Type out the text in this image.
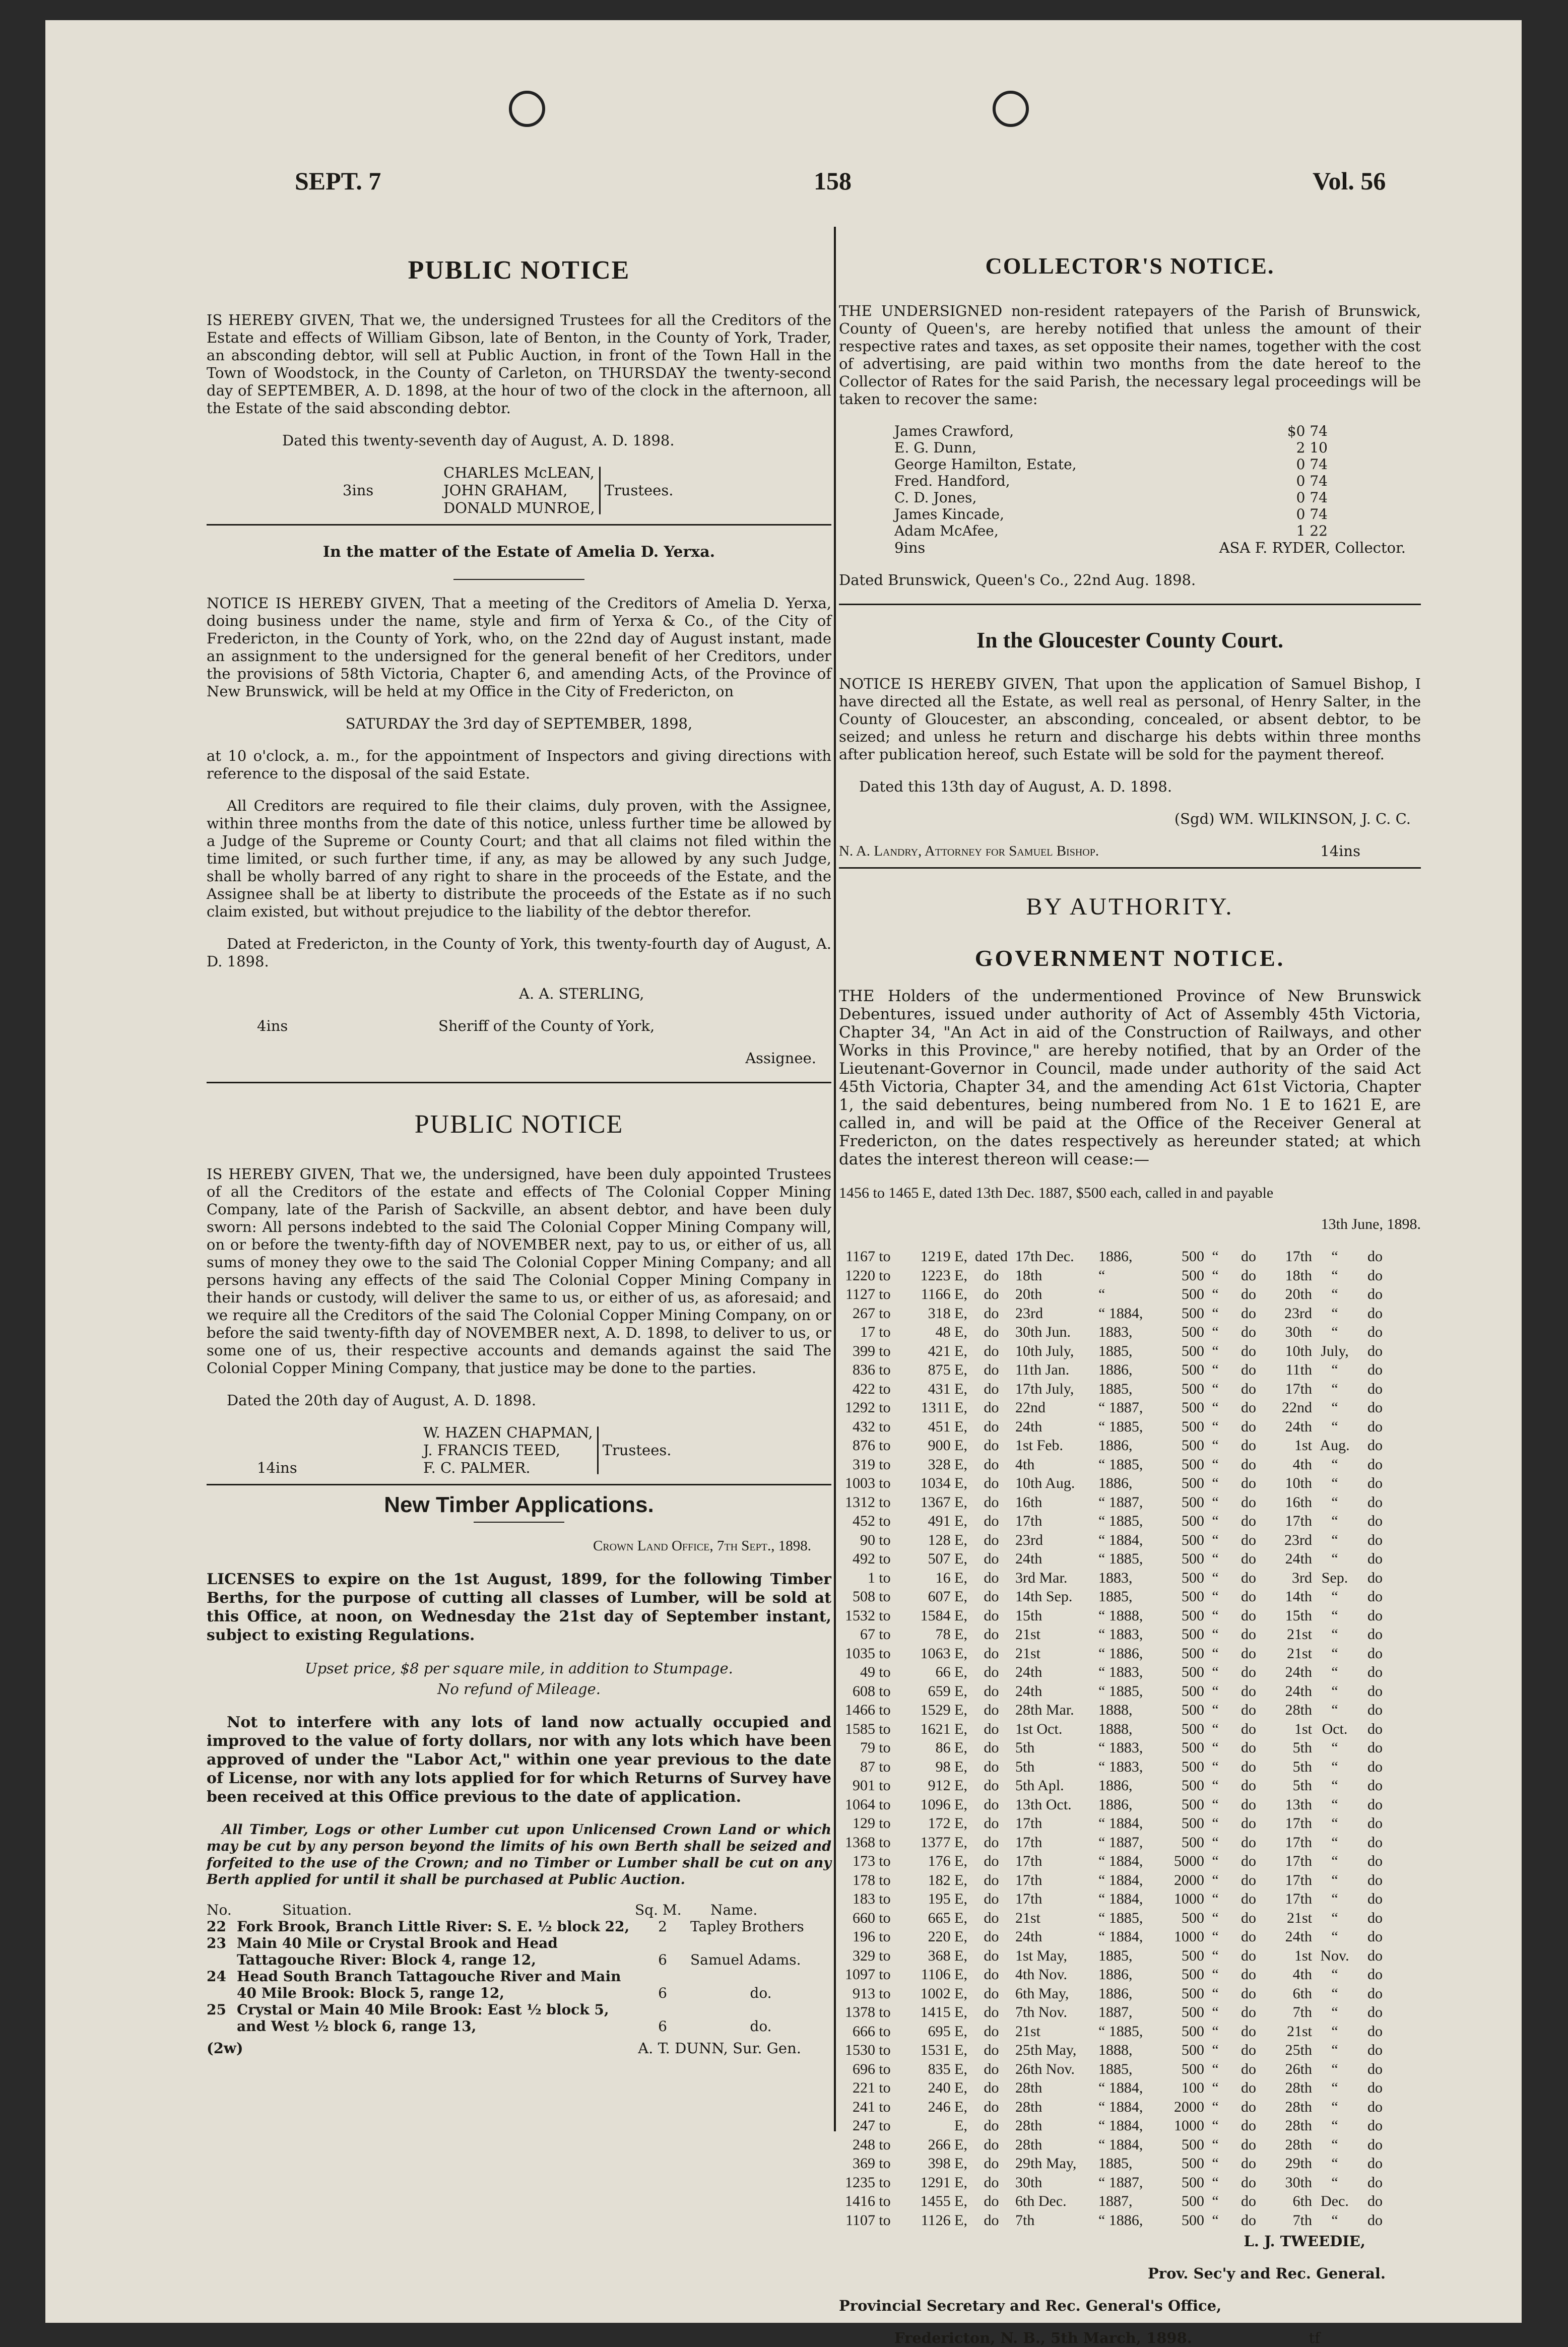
SEPT. 7	158	Vol. 56

PUBLIC NOTICE

IS HEREBY GIVEN, That we, the undersigned Trustees for all the Creditors of the Estate and effects of William Gibson, late of Benton, in the County of York, Trader, an absconding debtor, will sell at Public Auction, in front of the Town Hall in the Town of Woodstock, in the County of Carleton, on THURSDAY the twenty-second day of SEPTEMBER, A. D. 1898, at the hour of two of the clock in the afternoon, all the Estate of the said absconding debtor.

Dated this twenty-seventh day of August, A. D. 1898.

3ins
CHARLES McLEAN,
JOHN GRAHAM,
DONALD MUNROE,
Trustees.

In the matter of the Estate of Amelia D. Yerxa.

NOTICE IS HEREBY GIVEN, That a meeting of the Creditors of Amelia D. Yerxa, doing business under the name, style and firm of Yerxa & Co., of the City of Fredericton, in the County of York, who, on the 22nd day of August instant, made an assignment to the undersigned for the general benefit of her Creditors, under the provisions of 58th Victoria, Chapter 6, and amending Acts, of the Province of New Brunswick, will be held at my Office in the City of Fredericton, on

SATURDAY the 3rd day of SEPTEMBER, 1898,

at 10 o'clock, a. m., for the appointment of Inspectors and giving directions with reference to the disposal of the said Estate.

All Creditors are required to file their claims, duly proven, with the Assignee, within three months from the date of this notice, unless further time be allowed by a Judge of the Supreme or County Court; and that all claims not filed within the time limited, or such further time, if any, as may be allowed by any such Judge, shall be wholly barred of any right to share in the proceeds of the Estate, and the Assignee shall be at liberty to distribute the proceeds of the Estate as if no such claim existed, but without prejudice to the liability of the debtor therefor.

Dated at Fredericton, in the County of York, this twenty-fourth day of August, A. D. 1898.

A. A. STERLING,

4ins	Sheriff of the County of York,

Assignee.

PUBLIC NOTICE

IS HEREBY GIVEN, That we, the undersigned, have been duly appointed Trustees of all the Creditors of the estate and effects of The Colonial Copper Mining Company, late of the Parish of Sackville, an absent debtor, and have been duly sworn: All persons indebted to the said The Colonial Copper Mining Company will, on or before the twenty-fifth day of NOVEMBER next, pay to us, or either of us, all sums of money they owe to the said The Colonial Copper Mining Company; and all persons having any effects of the said The Colonial Copper Mining Company in their hands or custody, will deliver the same to us, or either of us, as aforesaid; and we require all the Creditors of the said The Colonial Copper Mining Company, on or before the said twenty-fifth day of NOVEMBER next, A. D. 1898, to deliver to us, or some one of us, their respective accounts and demands against the said The Colonial Copper Mining Company, that justice may be done to the parties.

Dated the 20th day of August, A. D. 1898.

14ins
W. HAZEN CHAPMAN,
J. FRANCIS TEED,
F. C. PALMER.
Trustees.

New Timber Applications.

Crown Land Office, 7th Sept., 1898.

LICENSES to expire on the 1st August, 1899, for the following Timber Berths, for the purpose of cutting all classes of Lumber, will be sold at this Office, at noon, on Wednesday the 21st day of September instant, subject to existing Regulations.

Upset price, $8 per square mile, in addition to Stumpage.

No refund of Mileage.

Not to interfere with any lots of land now actually occupied and improved to the value of forty dollars, nor with any lots which have been approved of under the "Labor Act," within one year previous to the date of License, nor with any lots applied for for which Returns of Survey have been received at this Office previous to the date of application.

All Timber, Logs or other Lumber cut upon Unlicensed Crown Land or which may be cut by any person beyond the limits of his own Berth shall be seized and forfeited to the use of the Crown; and no Timber or Lumber shall be cut on any Berth applied for until it shall be purchased at Public Auction.

No.	Situation.	Sq. M.	Name.
22	Fork Brook, Branch Little River: S. E. ½ block 22,	2	Tapley Brothers
23	Main 40 Mile or Crystal Brook and Head Tattagouche River: Block 4, range 12,	6	Samuel Adams.
24	Head South Branch Tattagouche River and Main 40 Mile Brook: Block 5, range 12,	6	do.
25	Crystal or Main 40 Mile Brook: East ½ block 5, and West ½ block 6, range 13,	6	do.
(2w)	A. T. DUNN, Sur. Gen.

COLLECTOR'S NOTICE.

THE UNDERSIGNED non-resident ratepayers of the Parish of Brunswick, County of Queen's, are hereby notified that unless the amount of their respective rates and taxes, as set opposite their names, together with the cost of advertising, are paid within two months from the date hereof to the Collector of Rates for the said Parish, the necessary legal proceedings will be taken to recover the same:

James Crawford,	$0 74
E. G. Dunn,	2 10
George Hamilton, Estate,	0 74
Fred. Handford,	0 74
C. D. Jones,	0 74
James Kincade,	0 74
Adam McAfee,	1 22
9ins	ASA F. RYDER, Collector.

Dated Brunswick, Queen's Co., 22nd Aug. 1898.

In the Gloucester County Court.

NOTICE IS HEREBY GIVEN, That upon the application of Samuel Bishop, I have directed all the Estate, as well real as personal, of Henry Salter, in the County of Gloucester, an absconding, concealed, or absent debtor, to be seized; and unless he return and discharge his debts within three months after publication hereof, such Estate will be sold for the payment thereof.

Dated this 13th day of August, A. D. 1898.

(Sgd) WM. WILKINSON, J. C. C.

N. A. Landry, Attorney for Samuel Bishop.	14ins

BY AUTHORITY.

GOVERNMENT NOTICE.

THE Holders of the undermentioned Province of New Brunswick Debentures, issued under authority of Act of Assembly 45th Victoria, Chapter 34, "An Act in aid of the Construction of Railways, and other Works in this Province," are hereby notified, that by an Order of the Lieutenant-Governor in Council, made under authority of the said Act 45th Victoria, Chapter 34, and the amending Act 61st Victoria, Chapter 1, the said debentures, being numbered from No. 1 E to 1621 E, are called in, and will be paid at the Office of the Receiver General at Fredericton, on the dates respectively as hereunder stated; at which dates the interest thereon will cease:—

1456 to 1465 E, dated 13th Dec. 1887, $500 each, called in and payable

13th June, 1898.

1167	to	1219 E,	dated	17th Dec.	1886,	500	“	do	17th	“	do
1220	to	1223 E,	do	18th	“	500	“	do	18th	“	do
1127	to	1166 E,	do	20th	“	500	“	do	20th	“	do
267	to	318 E,	do	23rd	“ 1884,	500	“	do	23rd	“	do
17	to	48 E,	do	30th Jun.	1883,	500	“	do	30th	“	do
399	to	421 E,	do	10th July,	1885,	500	“	do	10th	July,	do
836	to	875 E,	do	11th Jan.	1886,	500	“	do	11th	“	do
422	to	431 E,	do	17th July,	1885,	500	“	do	17th	“	do
1292	to	1311 E,	do	22nd	“ 1887,	500	“	do	22nd	“	do
432	to	451 E,	do	24th	“ 1885,	500	“	do	24th	“	do
876	to	900 E,	do	1st Feb.	1886,	500	“	do	1st	Aug.	do
319	to	328 E,	do	4th	“ 1885,	500	“	do	4th	“	do
1003	to	1034 E,	do	10th Aug.	1886,	500	“	do	10th	“	do
1312	to	1367 E,	do	16th	“ 1887,	500	“	do	16th	“	do
452	to	491 E,	do	17th	“ 1885,	500	“	do	17th	“	do
90	to	128 E,	do	23rd	“ 1884,	500	“	do	23rd	“	do
492	to	507 E,	do	24th	“ 1885,	500	“	do	24th	“	do
1	to	16 E,	do	3rd Mar.	1883,	500	“	do	3rd	Sep.	do
508	to	607 E,	do	14th Sep.	1885,	500	“	do	14th	“	do
1532	to	1584 E,	do	15th	“ 1888,	500	“	do	15th	“	do
67	to	78 E,	do	21st	“ 1883,	500	“	do	21st	“	do
1035	to	1063 E,	do	21st	“ 1886,	500	“	do	21st	“	do
49	to	66 E,	do	24th	“ 1883,	500	“	do	24th	“	do
608	to	659 E,	do	24th	“ 1885,	500	“	do	24th	“	do
1466	to	1529 E,	do	28th Mar.	1888,	500	“	do	28th	“	do
1585	to	1621 E,	do	1st Oct.	1888,	500	“	do	1st	Oct.	do
79	to	86 E,	do	5th	“ 1883,	500	“	do	5th	“	do
87	to	98 E,	do	5th	“ 1883,	500	“	do	5th	“	do
901	to	912 E,	do	5th Apl.	1886,	500	“	do	5th	“	do
1064	to	1096 E,	do	13th Oct.	1886,	500	“	do	13th	“	do
129	to	172 E,	do	17th	“ 1884,	500	“	do	17th	“	do
1368	to	1377 E,	do	17th	“ 1887,	500	“	do	17th	“	do
173	to	176 E,	do	17th	“ 1884,	5000	“	do	17th	“	do
178	to	182 E,	do	17th	“ 1884,	2000	“	do	17th	“	do
183	to	195 E,	do	17th	“ 1884,	1000	“	do	17th	“	do
660	to	665 E,	do	21st	“ 1885,	500	“	do	21st	“	do
196	to	220 E,	do	24th	“ 1884,	1000	“	do	24th	“	do
329	to	368 E,	do	1st May,	1885,	500	“	do	1st	Nov.	do
1097	to	1106 E,	do	4th Nov.	1886,	500	“	do	4th	“	do
913	to	1002 E,	do	6th May,	1886,	500	“	do	6th	“	do
1378	to	1415 E,	do	7th Nov.	1887,	500	“	do	7th	“	do
666	to	695 E,	do	21st	“ 1885,	500	“	do	21st	“	do
1530	to	1531 E,	do	25th May,	1888,	500	“	do	25th	“	do
696	to	835 E,	do	26th Nov.	1885,	500	“	do	26th	“	do
221	to	240 E,	do	28th	“ 1884,	100	“	do	28th	“	do
241	to	246 E,	do	28th	“ 1884,	2000	“	do	28th	“	do
247	to	E,	do	28th	“ 1884,	1000	“	do	28th	“	do
248	to	266 E,	do	28th	“ 1884,	500	“	do	28th	“	do
369	to	398 E,	do	29th May,	1885,	500	“	do	29th	“	do
1235	to	1291 E,	do	30th	“ 1887,	500	“	do	30th	“	do
1416	to	1455 E,	do	6th Dec.	1887,	500	“	do	6th	Dec.	do
1107	to	1126 E,	do	7th	“ 1886,	500	“	do	7th	“	do

L. J. TWEEDIE,

Prov. Sec'y and Rec. General.

Provincial Secretary and Rec. General's Office,

Fredericton, N. B., 5th March, 1898.	tf
